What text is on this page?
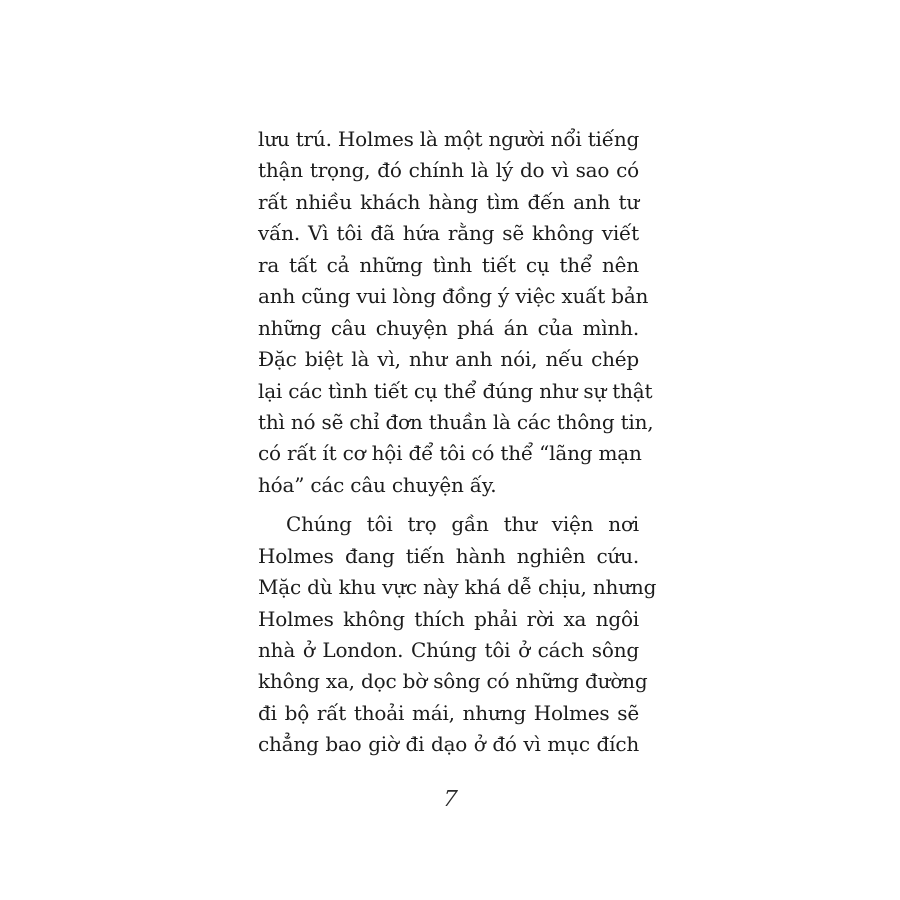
lưu trú. Holmes là một người nổi tiếng
thận trọng, đó chính là lý do vì sao có
rất nhiều khách hàng tìm đến anh tư
vấn. Vì tôi đã hứa rằng sẽ không viết
ra tất cả những tình tiết cụ thể nên
anh cũng vui lòng đồng ý việc xuất bản
những câu chuyện phá án của mình.
Đặc biệt là vì, như anh nói, nếu chép
lại các tình tiết cụ thể đúng như sự thật
thì nó sẽ chỉ đơn thuần là các thông tin,
có rất ít cơ hội để tôi có thể “lãng mạn
hóa” các câu chuyện ấy.

Chúng tôi trọ gần thư viện nơi
Holmes đang tiến hành nghiên cứu.
Mặc dù khu vực này khá dễ chịu, nhưng
Holmes không thích phải rời xa ngôi
nhà ở London. Chúng tôi ở cách sông
không xa, dọc bờ sông có những đường
đi bộ rất thoải mái, nhưng Holmes sẽ
chẳng bao giờ đi dạo ở đó vì mục đích

7
